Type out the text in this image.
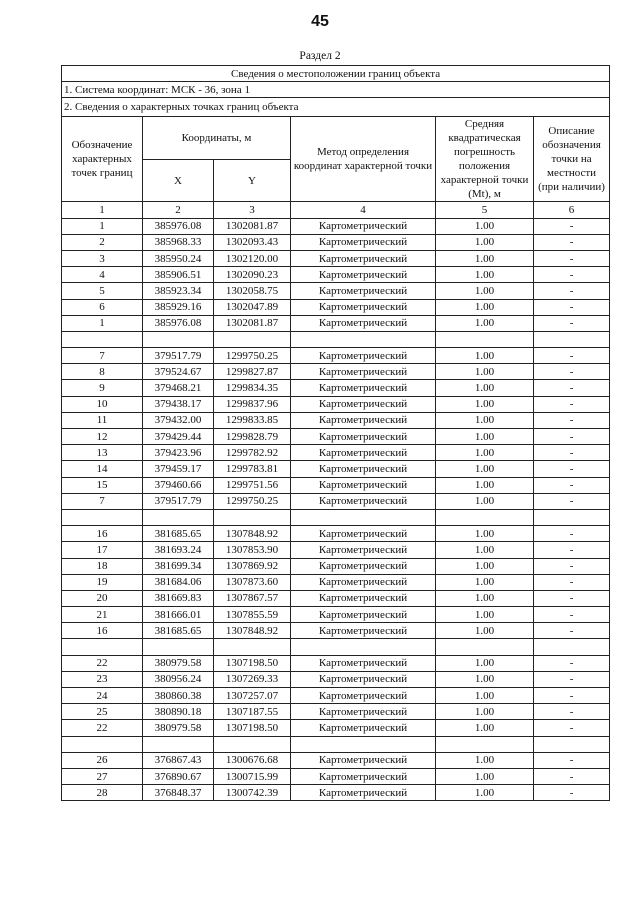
45
Раздел 2
Сведения о местоположении границ объекта					
1. Система координат: МСК - 36, зона 1					
2. Сведения о характерных точках границ объекта					
Обозначение характерных точек границ	Координаты, м		Метод определения координат характерной точки	Средняя квадратическая погрешность положения характерной точки (Mt), м	Описание обозначения точки на местности (при наличии)
	X	Y			
1	2	3	4	5	6
1	385976.08	1302081.87	Картометрический	1.00	-
2	385968.33	1302093.43	Картометрический	1.00	-
3	385950.24	1302120.00	Картометрический	1.00	-
4	385906.51	1302090.23	Картометрический	1.00	-
5	385923.34	1302058.75	Картометрический	1.00	-
6	385929.16	1302047.89	Картометрический	1.00	-
1	385976.08	1302081.87	Картометрический	1.00	-

7	379517.79	1299750.25	Картометрический	1.00	-
8	379524.67	1299827.87	Картометрический	1.00	-
9	379468.21	1299834.35	Картометрический	1.00	-
10	379438.17	1299837.96	Картометрический	1.00	-
11	379432.00	1299833.85	Картометрический	1.00	-
12	379429.44	1299828.79	Картометрический	1.00	-
13	379423.96	1299782.92	Картометрический	1.00	-
14	379459.17	1299783.81	Картометрический	1.00	-
15	379460.66	1299751.56	Картометрический	1.00	-
7	379517.79	1299750.25	Картометрический	1.00	-

16	381685.65	1307848.92	Картометрический	1.00	-
17	381693.24	1307853.90	Картометрический	1.00	-
18	381699.34	1307869.92	Картометрический	1.00	-
19	381684.06	1307873.60	Картометрический	1.00	-
20	381669.83	1307867.57	Картометрический	1.00	-
21	381666.01	1307855.59	Картометрический	1.00	-
16	381685.65	1307848.92	Картометрический	1.00	-

22	380979.58	1307198.50	Картометрический	1.00	-
23	380956.24	1307269.33	Картометрический	1.00	-
24	380860.38	1307257.07	Картометрический	1.00	-
25	380890.18	1307187.55	Картометрический	1.00	-
22	380979.58	1307198.50	Картометрический	1.00	-

26	376867.43	1300676.68	Картометрический	1.00	-
27	376890.67	1300715.99	Картометрический	1.00	-
28	376848.37	1300742.39	Картометрический	1.00	-
